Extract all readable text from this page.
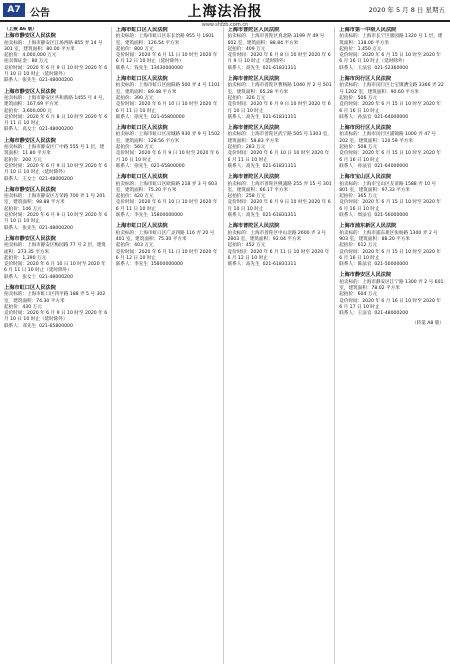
A7 公告	上海法治报	2020 年 5 月 8 日 星期五
www.shfzb.com.cn
（上接 A6 版）
上海市静安区人民法院
拍卖标的：上海市静安区江场西路 855 弄 14 号 301 室，建筑面积：80.00 平方米
起拍价：4,000,000 万元
拍卖保证金：80 万元
竞价时间：2020 年 6 月 9 日 10 时至 2020 年 6 月 10 日 10 时止（延时除外）
联系人：张先生  021-48000200
上海市静安区人民法院
拍卖标的：上海市静安区共和新路 1455 号 4 号，建筑面积：167.69 平方米
起拍价：3,600,000 元
竞价时间：2020 年 6 月 8 日 10 时至 2020 年 6 月 11 日 10 时止
联系人：高女士  021-48000200
上海市静安区人民法院
拍卖标的：上海市静安区广中路 555 号 1 层，建筑面积：11.80 平方米
起拍价：200 万元
竞价时间：2020 年 6 月 9 日 10 时至 2020 年 6 月 10 日 10 时止（延时除外）
联系人：王女士  021-48000200
上海市静安区人民法院
拍卖标的：上海市静安区万荣路 700 弄 1 号 201 室，建筑面积：98.88 平方米
起拍价：146 万元
竞价时间：2020 年 6 月 9 日 10 时至 2020 年 6 月 10 日 10 时止
联系人：张先生  021-48000200
上海市静安区人民法院
拍卖标的：上海市静安区梅园路 77 号 2 层，建筑面积：273.35 平方米
起拍价：1,390 万元
竞价时间：2020 年 6 月 10 日 10 时至 2020 年 6 月 11 日 10 时止（延时除外）
联系人：张女士  021-48000200
上海市虹口区人民法院
拍卖标的：上海市虹口区四平路 188 弄 5 号 302 室，建筑面积：74.30 平方米
起拍价：430 万元
竞价时间：2020 年 6 月 9 日 10 时至 2020 年 6 月 10 日 10 时止（延时除外）
联系人：邓先生  021-65800000
上海市虹口区人民法院
拍卖标的：上海市虹口区东长治路 955 号 1601 室，建筑面积：126.54 平方米
起拍价：800 万元
竞价时间：2020 年 6 月 11 日 10 时至 2020 年 6 月 12 日 10 时止（延时除外）
联系人：钱先生  13430000000
上海市虹口区人民法院
拍卖标的：上海市虹口区曲阳路 500 弄 4 号 1101 室，建筑面积：89.48 平方米
起拍价：390 万元
竞价时间：2020 年 6 月 10 日 10 时至 2020 年 6 月 11 日 10 时止
联系人：徐先生  021-65800000
上海市虹口区人民法院
拍卖标的：上海市虹口区凉城路 930 弄 9 号 1502 室，建筑面积：128.56 平方米
起拍价：560 万元
竞价时间：2020 年 6 月 9 日 10 时至 2020 年 6 月 10 日 10 时止
联系人：徐先生  021-65800000
上海市虹口区人民法院
拍卖标的：上海市虹口区欧阳路 218 弄 3 号 603 室，建筑面积：75.20 平方米
起拍价：420 万元
竞价时间：2020 年 6 月 10 日 10 时至 2020 年 6 月 11 日 10 时止
联系人：李先生  15800000000
上海市虹口区人民法院
拍卖标的：上海市虹口区广灵四路 116 弄 20 号 401 室，建筑面积：75.30 平方米
起拍价：403 万元
竞价时间：2020 年 6 月 11 日 10 时至 2020 年 6 月 12 日 10 时止
联系人：李先生  15800000000
上海市普陀区人民法院
拍卖标的：上海市普陀区真北路 3199 弄 49 号 602 室，建筑面积：88.84 平方米
起拍价：409 万元
竞价时间：2020 年 6 月 8 日 10 时至 2020 年 6 月 9 日 10 时止（延时除外）
联系人：高先生  021-61831311
上海市普陀区人民法院
拍卖标的：上海市普陀区曹杨路 1040 弄 2 号 501 室，建筑面积：65.28 平方米
起拍价：326 万元
竞价时间：2020 年 6 月 9 日 10 时至 2020 年 6 月 10 日 10 时止
联系人：高先生  021-61831311
上海市普陀区人民法院
拍卖标的：上海市普陀区武宁路 505 号 1303 室，建筑面积：58.83 平方米
起拍价：283 万元
竞价时间：2020 年 6 月 10 日 10 时至 2020 年 6 月 11 日 10 时止
联系人：高先生  021-61831311
上海市普陀区人民法院
拍卖标的：上海市普陀区桃浦路 255 弄 15 号 301 室，建筑面积：66.17 平方米
起拍价：258 万元
竞价时间：2020 年 6 月 9 日 10 时至 2020 年 6 月 10 日 10 时止
联系人：高先生  021-61831311
上海市普陀区人民法院
拍卖标的：上海市普陀区中山北路 2600 弄 3 号 2803 室，建筑面积：92.04 平方米
起拍价：452 万元
竞价时间：2020 年 6 月 11 日 10 时至 2020 年 6 月 12 日 10 时止
联系人：高先生  021-61831311
上海市第一中级人民法院
拍卖标的：上海市长宁区愚园路 1320 号 1 层，建筑面积：138.00 平方米
起拍价：1,450 万元
竞价时间：2020 年 6 月 15 日 10 时至 2020 年 6 月 16 日 10 时止（延时除外）
联系人：王法官  021-52360000
上海市闵行区人民法院
拍卖标的：上海市闵行区七宝镇漕宝路 3366 弄 22 号 1202 室，建筑面积：90.60 平方米
起拍价：506 万元
竞价时间：2020 年 6 月 15 日 10 时至 2020 年 6 月 16 日 10 时止
联系人：孙法官  021-64000000
上海市闵行区人民法院
拍卖标的：上海市闵行区浦锦路 1000 弄 47 号 202 室，建筑面积：120.59 平方米
起拍价：508 万元
竞价时间：2020 年 6 月 15 日 10 时至 2020 年 6 月 16 日 10 时止
联系人：孙法官  021-64000000
上海市宝山区人民法院
拍卖标的：上海市宝山区友谊路 1588 弄 10 号 801 室，建筑面积：97.33 平方米
起拍价：365 万元
竞价时间：2020 年 6 月 15 日 10 时至 2020 年 6 月 16 日 10 时止
联系人：周法官  021-56000000
上海市浦东新区人民法院
拍卖标的：上海市浦东新区张杨路 1300 弄 2 号 903 室，建筑面积：88.20 平方米
起拍价：612 万元
竞价时间：2020 年 6 月 15 日 10 时至 2020 年 6 月 16 日 10 时止
联系人：陈法官  021-50000000
上海市静安区人民法院
拍卖标的：上海市静安区江宁路 1300 弄 2 号 601 室，建筑面积：78.02 平方米
起拍价：604 万元
竞价时间：2020 年 6 月 16 日 10 时至 2020 年 6 月 17 日 10 时止
联系人：王法官  021-48000200
（转第 A8 版）
